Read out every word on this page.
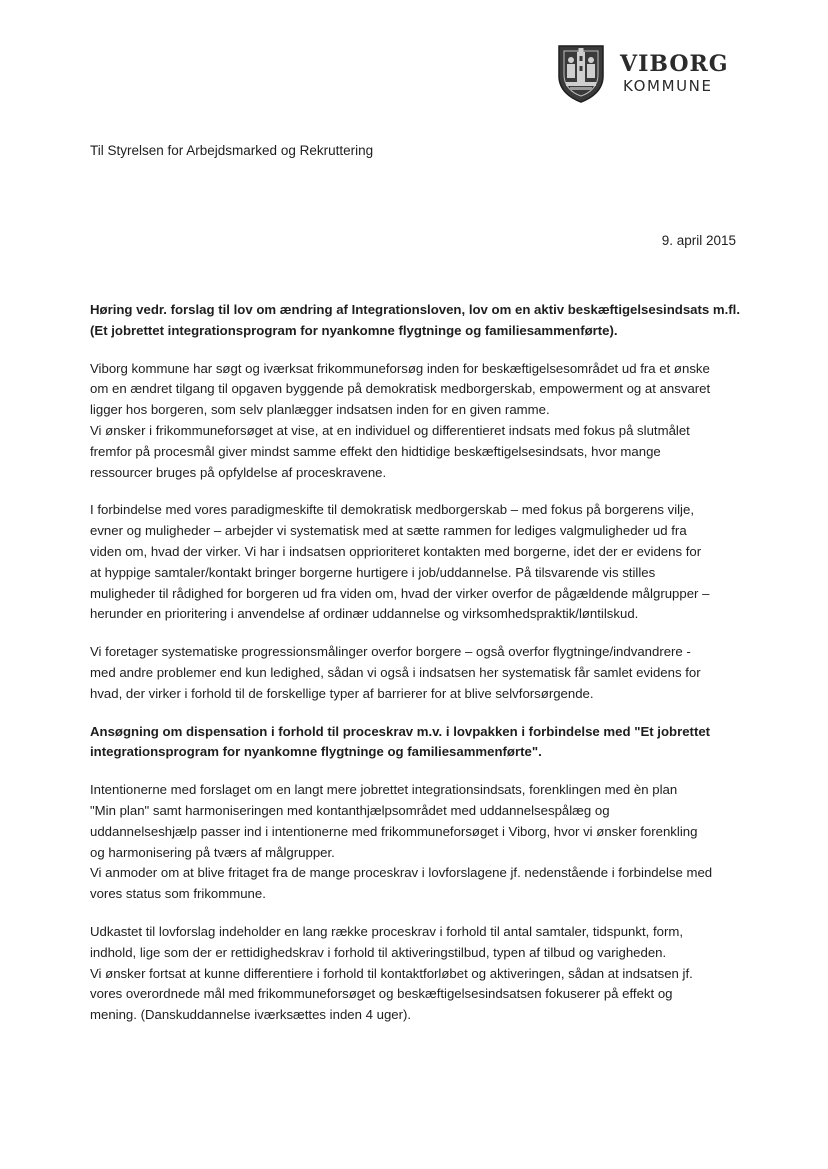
VIBORG
KOMMUNE
Til Styrelsen for Arbejdsmarked og Rekruttering
9. april 2015

Høring vedr. forslag til lov om ændring af Integrationsloven, lov om en aktiv beskæftigelsesindsats m.fl.
(Et jobrettet integrationsprogram for nyankomne flygtninge og familiesammenførte).

Viborg kommune har søgt og iværksat frikommuneforsøg inden for beskæftigelsesområdet ud fra et ønske
om en ændret tilgang til opgaven byggende på demokratisk medborgerskab, empowerment og at ansvaret
ligger hos borgeren, som selv planlægger indsatsen inden for en given ramme.
Vi ønsker i frikommuneforsøget at vise, at en individuel og differentieret indsats med fokus på slutmålet
fremfor på procesmål giver mindst samme effekt den hidtidige beskæftigelsesindsats, hvor mange
ressourcer bruges på opfyldelse af proceskravene.

I forbindelse med vores paradigmeskifte til demokratisk medborgerskab – med fokus på borgerens vilje,
evner og muligheder – arbejder vi systematisk med at sætte rammen for lediges valgmuligheder ud fra
viden om, hvad der virker. Vi har i indsatsen opprioriteret kontakten med borgerne, idet der er evidens for
at hyppige samtaler/kontakt bringer borgerne hurtigere i job/uddannelse. På tilsvarende vis stilles
muligheder til rådighed for borgeren ud fra viden om, hvad der virker overfor de pågældende målgrupper –
herunder en prioritering i anvendelse af ordinær uddannelse og virksomhedspraktik/løntilskud.

Vi foretager systematiske progressionsmålinger overfor borgere – også overfor flygtninge/indvandrere -
med andre problemer end kun ledighed, sådan vi også i indsatsen her systematisk får samlet evidens for
hvad, der virker i forhold til de forskellige typer af barrierer for at blive selvforsørgende.

Ansøgning om dispensation i forhold til proceskrav m.v. i lovpakken i forbindelse med "Et jobrettet
integrationsprogram for nyankomne flygtninge og familiesammenførte".

Intentionerne med forslaget om en langt mere jobrettet integrationsindsats, forenklingen med èn plan
"Min plan" samt harmoniseringen med kontanthjælpsområdet med uddannelsespålæg og
uddannelseshjælp passer ind i intentionerne med frikommuneforsøget i Viborg, hvor vi ønsker forenkling
og harmonisering på tværs af målgrupper.
Vi anmoder om at blive fritaget fra de mange proceskrav i lovforslagene jf. nedenstående i forbindelse med
vores status som frikommune.

Udkastet til lovforslag indeholder en lang række proceskrav i forhold til antal samtaler, tidspunkt, form,
indhold, lige som der er rettidighedskrav i forhold til aktiveringstilbud, typen af tilbud og varigheden.
Vi ønsker fortsat at kunne differentiere i forhold til kontaktforløbet og aktiveringen, sådan at indsatsen jf.
vores overordnede mål med frikommuneforsøget og beskæftigelsesindsatsen fokuserer på effekt og
mening. (Danskuddannelse iværksættes inden 4 uger).
